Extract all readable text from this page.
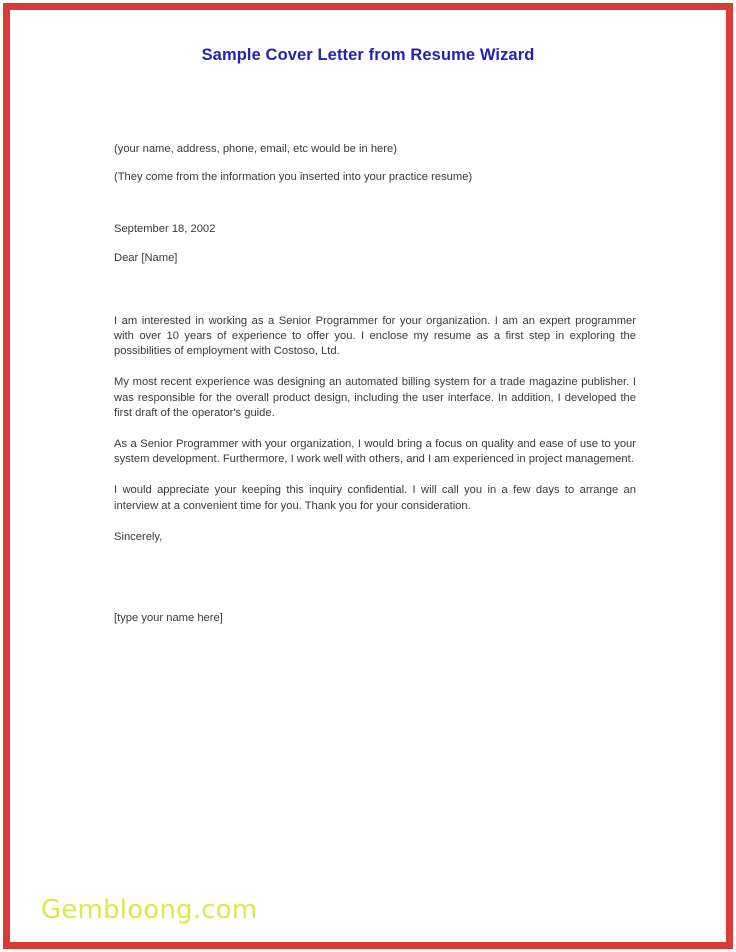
Sample Cover Letter from Resume Wizard
(your name, address, phone, email, etc would be in here)
(They come from the information you inserted into your practice resume)
September 18, 2002
Dear [Name]

I am interested in working as a Senior Programmer for your organization. I am an expert programmer with over 10 years of experience to offer you. I enclose my resume as a first step in exploring the possibilities of employment with Costoso, Ltd.

My most recent experience was designing an automated billing system for a trade magazine publisher. I was responsible for the overall product design, including the user interface. In addition, I developed the first draft of the operator's guide.

As a Senior Programmer with your organization, I would bring a focus on quality and ease of use to your system development. Furthermore, I work well with others, and I am experienced in project management.

I would appreciate your keeping this inquiry confidential. I will call you in a few days to arrange an interview at a convenient time for you. Thank you for your consideration.

Sincerely,
[type your name here]
Gembloong.com
